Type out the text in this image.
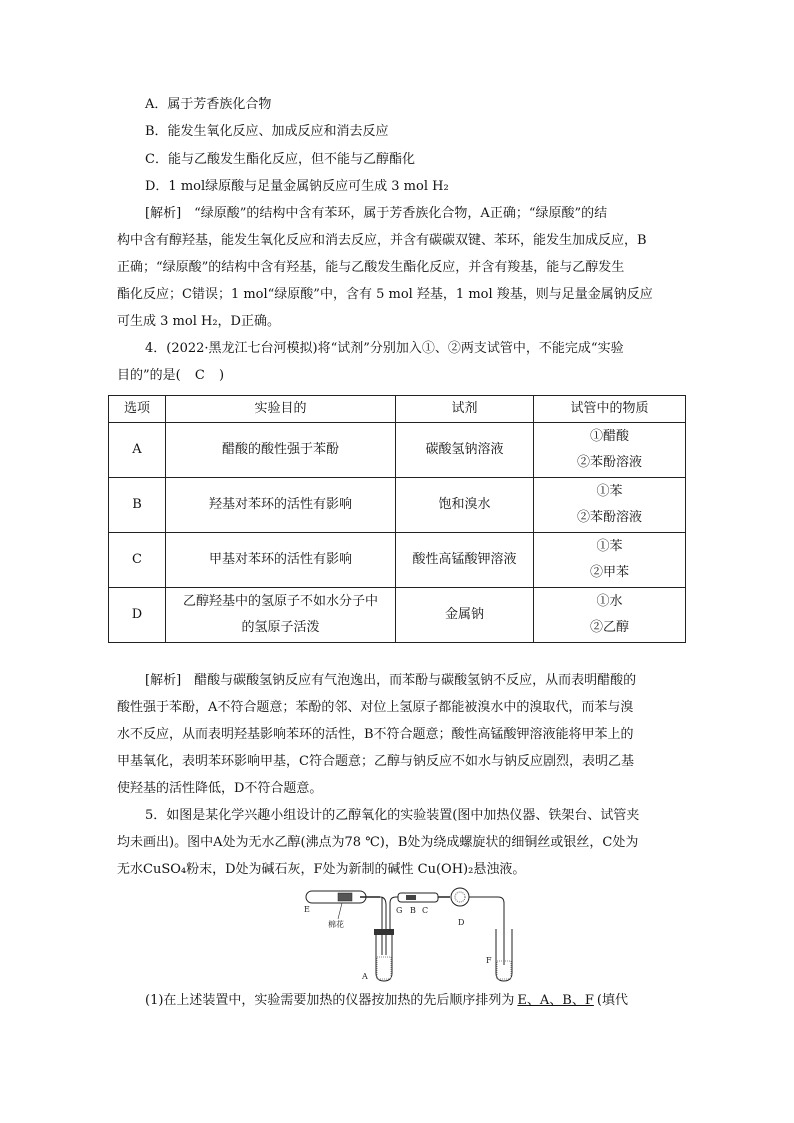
A．属于芳香族化合物
B．能发生氧化反应、加成反应和消去反应
C．能与乙酸发生酯化反应，但不能与乙醇酯化
D．1 mol绿原酸与足量金属钠反应可生成 3 mol H₂
[解析]　“绿原酸”的结构中含有苯环，属于芳香族化合物，A正确；“绿原酸”的结
构中含有醇羟基，能发生氧化反应和消去反应，并含有碳碳双键、苯环，能发生加成反应，B
正确；“绿原酸”的结构中含有羟基，能与乙酸发生酯化反应，并含有羧基，能与乙醇发生
酯化反应；C错误；1 mol“绿原酸”中，含有 5 mol 羟基，1 mol 羧基，则与足量金属钠反应
可生成 3 mol H₂，D正确。
4．(2022·黑龙江七台河模拟)将“试剂”分别加入①、②两支试管中，不能完成“实验
目的”的是( C )
选项	实验目的	试剂	试管中的物质
A	醋酸的酸性强于苯酚	碳酸氢钠溶液	①醋酸
②苯酚溶液

B	羟基对苯环的活性有影响	饱和溴水	①苯
②苯酚溶液

C	甲基对苯环的活性有影响	酸性高锰酸钾溶液	①苯
②甲苯

D	乙醇羟基中的氢原子不如水分子中
的氢原子活泼	金属钠	①水
②乙醇
[解析]　醋酸与碳酸氢钠反应有气泡逸出，而苯酚与碳酸氢钠不反应，从而表明醋酸的
酸性强于苯酚，A不符合题意；苯酚的邻、对位上氢原子都能被溴水中的溴取代，而苯与溴
水不反应，从而表明羟基影响苯环的活性，B不符合题意；酸性高锰酸钾溶液能将甲苯上的
甲基氧化，表明苯环影响甲基，C符合题意；乙醇与钠反应不如水与钠反应剧烈，表明乙基
使羟基的活性降低，D不符合题意。
5．如图是某化学兴趣小组设计的乙醇氧化的实验装置(图中加热仪器、铁架台、试管夹
均未画出)。图中A处为无水乙醇(沸点为78 ℃)，B处为绕成螺旋状的细铜丝或银丝，C处为
无水CuSO₄粉末，D处为碱石灰，F处为新制的碱性 Cu(OH)₂悬浊液。
E
棉花
A
G B C
D
F
(1)在上述装置中，实验需要加热的仪器按加热的先后顺序排列为 E、A、B、F (填代
